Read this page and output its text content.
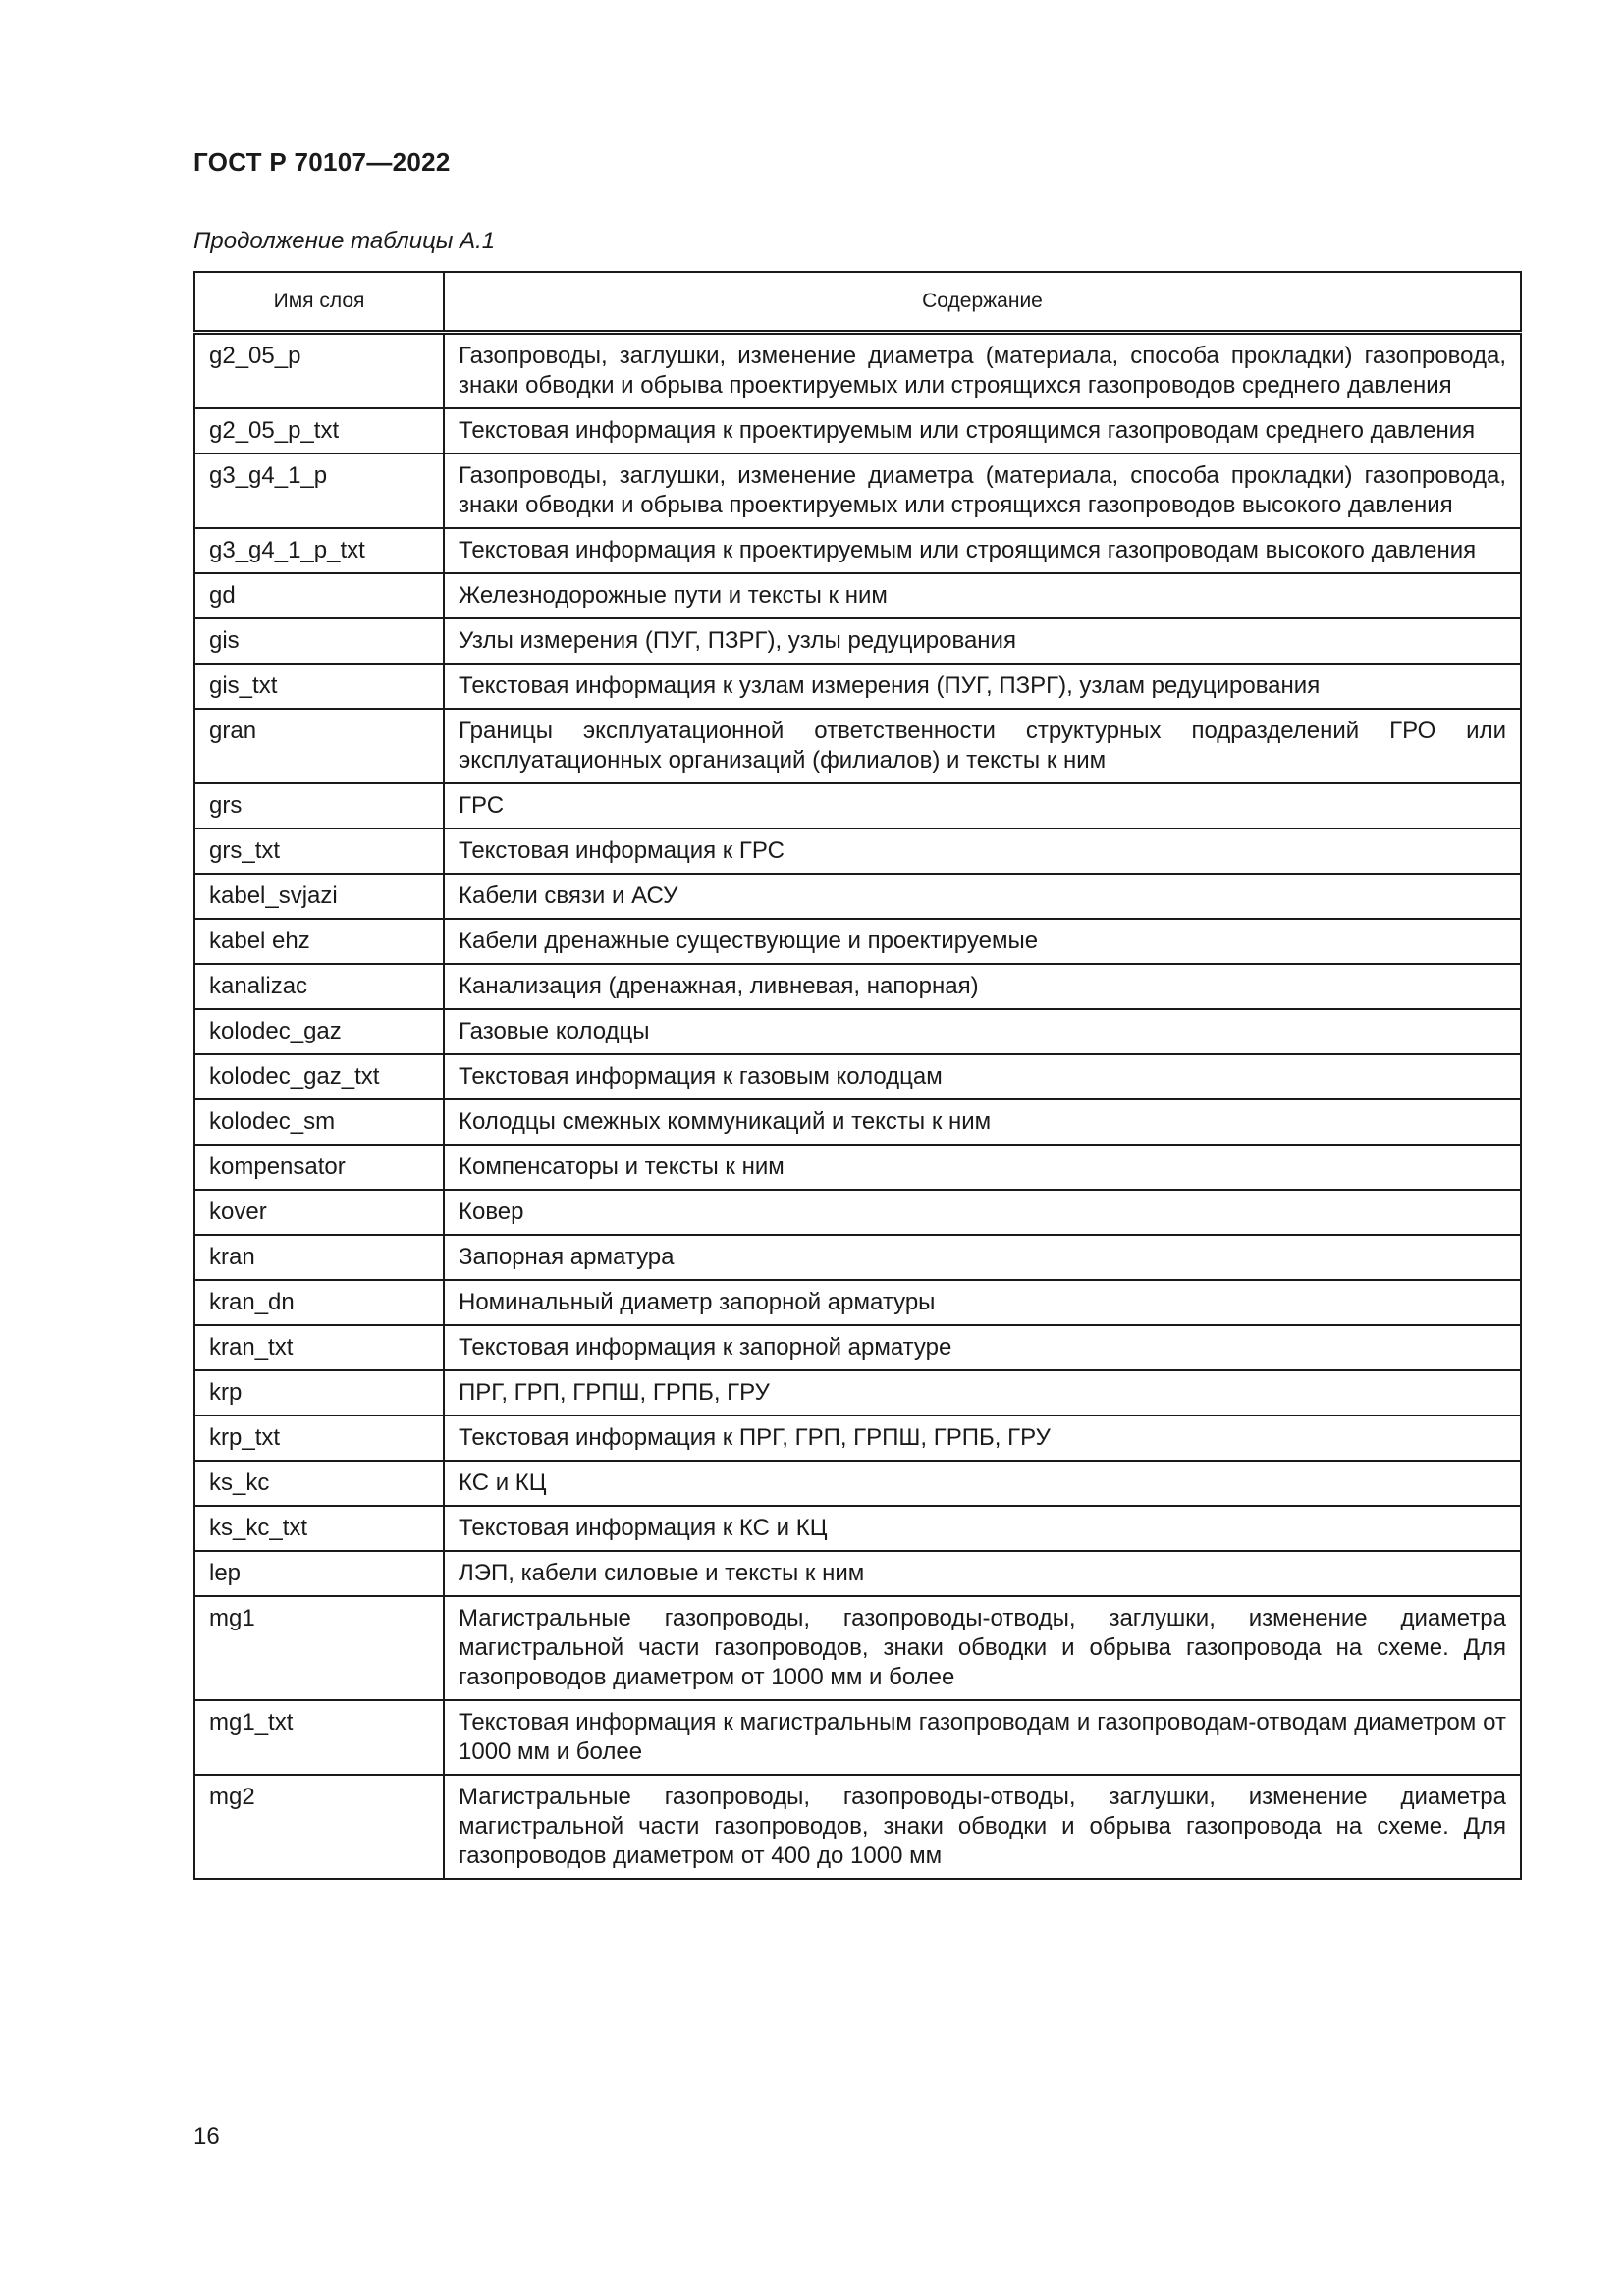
ГОСТ Р 70107—2022
Продолжение таблицы А.1
Имя слоя	Содержание
g2_05_p	Газопроводы, заглушки, изменение диаметра (материала, способа прокладки) газопровода, знаки обводки и обрыва проектируемых или строящихся газопроводов среднего давления
g2_05_p_txt	Текстовая информация к проектируемым или строящимся газопроводам среднего давления
g3_g4_1_p	Газопроводы, заглушки, изменение диаметра (материала, способа прокладки) газопровода, знаки обводки и обрыва проектируемых или строящихся газопроводов высокого давления
g3_g4_1_p_txt	Текстовая информация к проектируемым или строящимся газопроводам высокого давления
gd	Железнодорожные пути и тексты к ним
gis	Узлы измерения (ПУГ, ПЗРГ), узлы редуцирования
gis_txt	Текстовая информация к узлам измерения (ПУГ, ПЗРГ), узлам редуцирования
gran	Границы эксплуатационной ответственности структурных подразделений ГРО или эксплуатационных организаций (филиалов) и тексты к ним
grs	ГРС
grs_txt	Текстовая информация к ГРС
kabel_svjazi	Кабели связи и АСУ
kabel ehz	Кабели дренажные существующие и проектируемые
kanalizac	Канализация (дренажная, ливневая, напорная)
kolodec_gaz	Газовые колодцы
kolodec_gaz_txt	Текстовая информация к газовым колодцам
kolodec_sm	Колодцы смежных коммуникаций и тексты к ним
kompensator	Компенсаторы и тексты к ним
kover	Ковер
kran	Запорная арматура
kran_dn	Номинальный диаметр запорной арматуры
kran_txt	Текстовая информация к запорной арматуре
krp	ПРГ, ГРП, ГРПШ, ГРПБ, ГРУ
krp_txt	Текстовая информация к ПРГ, ГРП, ГРПШ, ГРПБ, ГРУ
ks_kc	КС и КЦ
ks_kc_txt	Текстовая информация к КС и КЦ
lep	ЛЭП, кабели силовые и тексты к ним
mg1	Магистральные газопроводы, газопроводы-отводы, заглушки, изменение диаметра магистральной части газопроводов, знаки обводки и обрыва газопровода на схеме. Для газопроводов диаметром от 1000 мм и более
mg1_txt	Текстовая информация к магистральным газопроводам и газопроводам-отводам диаметром от 1000 мм и более
mg2	Магистральные газопроводы, газопроводы-отводы, заглушки, изменение диаметра магистральной части газопроводов, знаки обводки и обрыва газопровода на схеме. Для газопроводов диаметром от 400 до 1000 мм
16
